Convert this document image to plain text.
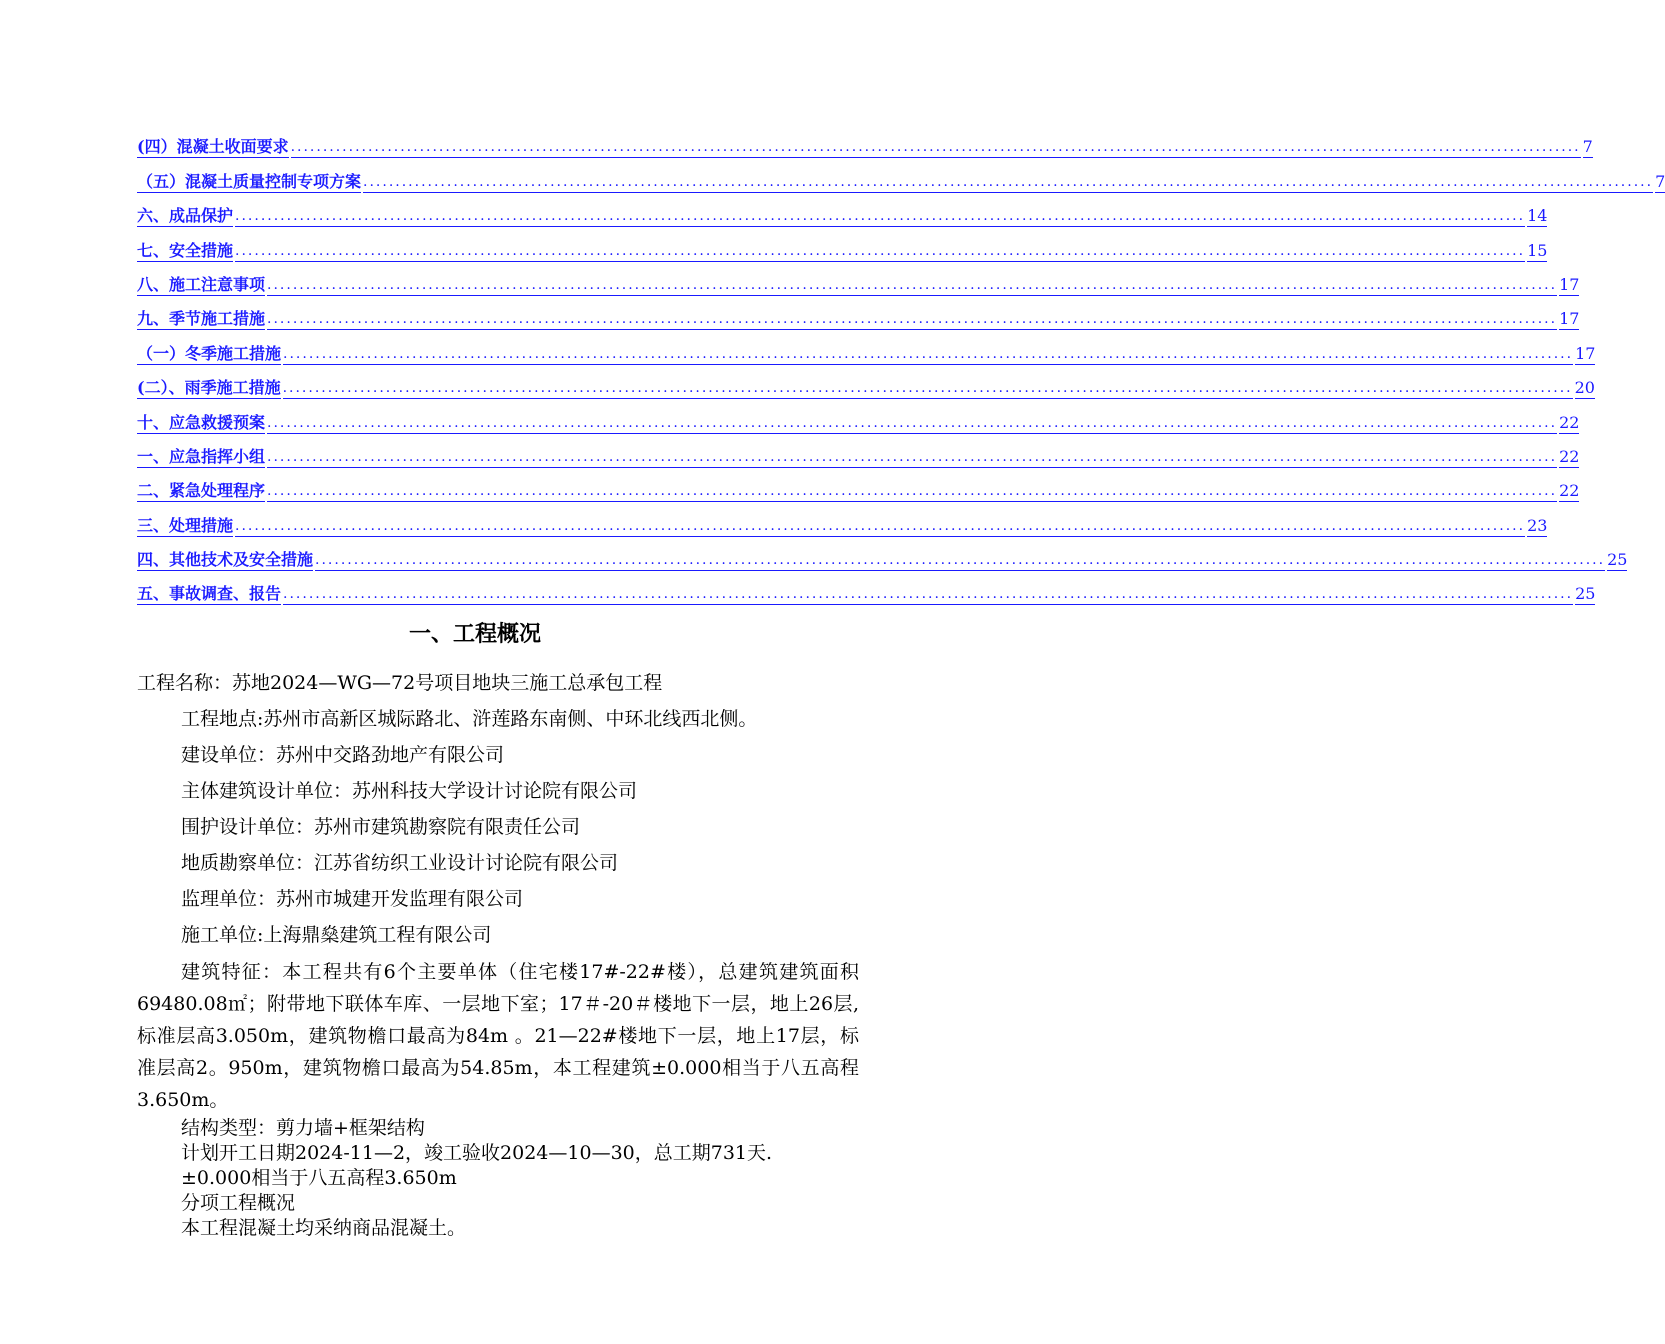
(四）混凝土收面要求 ........................................................................................................................................................................................................ 7
（五）混凝土质量控制专项方案 ........................................................................................................................................................................................................ 7
六、成品保护 ........................................................................................................................................................................................................ 14
七、安全措施 ........................................................................................................................................................................................................ 15
八、施工注意事项 ........................................................................................................................................................................................................ 17
九、季节施工措施 ........................................................................................................................................................................................................ 17
（一）冬季施工措施 ........................................................................................................................................................................................................ 17
(二）、雨季施工措施 ........................................................................................................................................................................................................ 20
十、应急救援预案 ........................................................................................................................................................................................................ 22
一、应急指挥小组 ........................................................................................................................................................................................................ 22
二、紧急处理程序 ........................................................................................................................................................................................................ 22
三、处理措施 ........................................................................................................................................................................................................ 23
四、其他技术及安全措施 ........................................................................................................................................................................................................ 25
五、事故调查、报告 ........................................................................................................................................................................................................ 25
一、工程概况
工程名称：苏地2024—WG—72号项目地块三施工总承包工程
工程地点:苏州市高新区城际路北、浒莲路东南侧、中环北线西北侧。
建设单位：苏州中交路劲地产有限公司
主体建筑设计单位：苏州科技大学设计讨论院有限公司
围护设计单位：苏州市建筑勘察院有限责任公司
地质勘察单位：江苏省纺织工业设计讨论院有限公司
监理单位：苏州市城建开发监理有限公司
施工单位:上海鼎燊建筑工程有限公司
建筑特征：本工程共有6个主要单体（住宅楼17#-22#楼），总建筑建筑面积69480.08㎡；附带地下联体车库、一层地下室；17＃-20＃楼地下一层，地上26层,标准层高3.050m，建筑物檐口最高为84m 。21—22#楼地下一层，地上17层，标准层高2。950m，建筑物檐口最高为54.85m，本工程建筑±0.000相当于八五高程3.650m。
结构类型：剪力墙+框架结构
计划开工日期2024-11—2，竣工验收2024—10—30，总工期731天.
±0.000相当于八五高程3.650m
分项工程概况
本工程混凝土均采纳商品混凝土。
